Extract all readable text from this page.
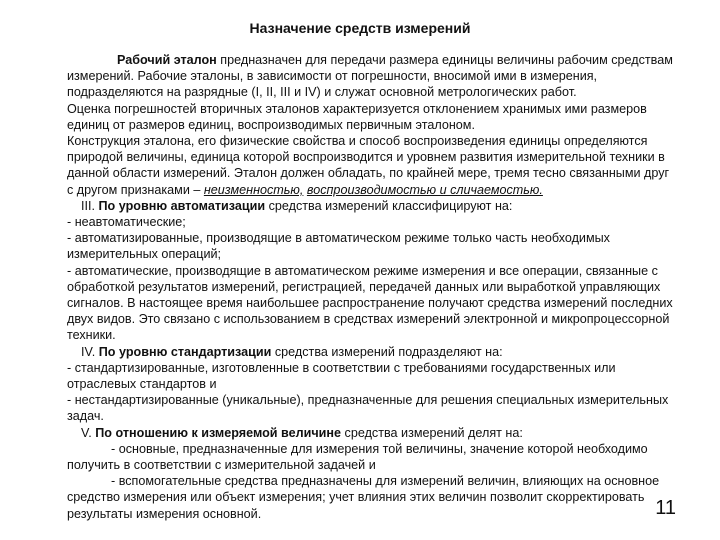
Назначение средств измерений

Рабочий эталон предназначен для передачи размера единицы величины рабочим средствам измерений. Рабочие эталоны, в зависимости от погрешности, вносимой ими в измерения, подразделяются на разрядные (I, II, III и IV) и служат основной метрологических работ.

Оценка погрешностей вторичных эталонов характеризуется отклонением хранимых ими размеров единиц от размеров единиц, воспроизводимых первичным эталоном.

Конструкция эталона, его физические свойства и способ воспроизведения единицы определяются природой величины, единица которой воспроизводится и уровнем развития измерительной техники в данной области измерений. Эталон должен обладать, по крайней мере, тремя тесно связанными друг с другом признаками – неизменностью, воспроизводимостью и сличаемостью.

III. По уровню автоматизации средства измерений классифицируют на:

- неавтоматические;

- автоматизированные, производящие в автоматическом режиме только часть необходимых измерительных операций;

- автоматические, производящие в автоматическом режиме измерения и все операции, связанные с обработкой результатов измерений, регистрацией, передачей данных или выработкой управляющих сигналов. В настоящее время наибольшее распространение получают средства измерений последних двух видов. Это связано с использованием в средствах измерений электронной и микропроцессорной техники.

IV. По уровню стандартизации средства измерений подразделяют на:

- стандартизированные, изготовленные в соответствии с требованиями государственных или отраслевых стандартов и

- нестандартизированные (уникальные), предназначенные для решения специальных измерительных задач.

V. По отношению к измеряемой величине средства измерений делят на:

- основные, предназначенные для измерения той величины, значение которой необходимо получить в соответствии с измерительной задачей и

- вспомогательные средства предназначены для измерений величин, влияющих на основное средство измерения или объект измерения; учет влияния этих величин позволит скорректировать результаты измерения основной.	11
